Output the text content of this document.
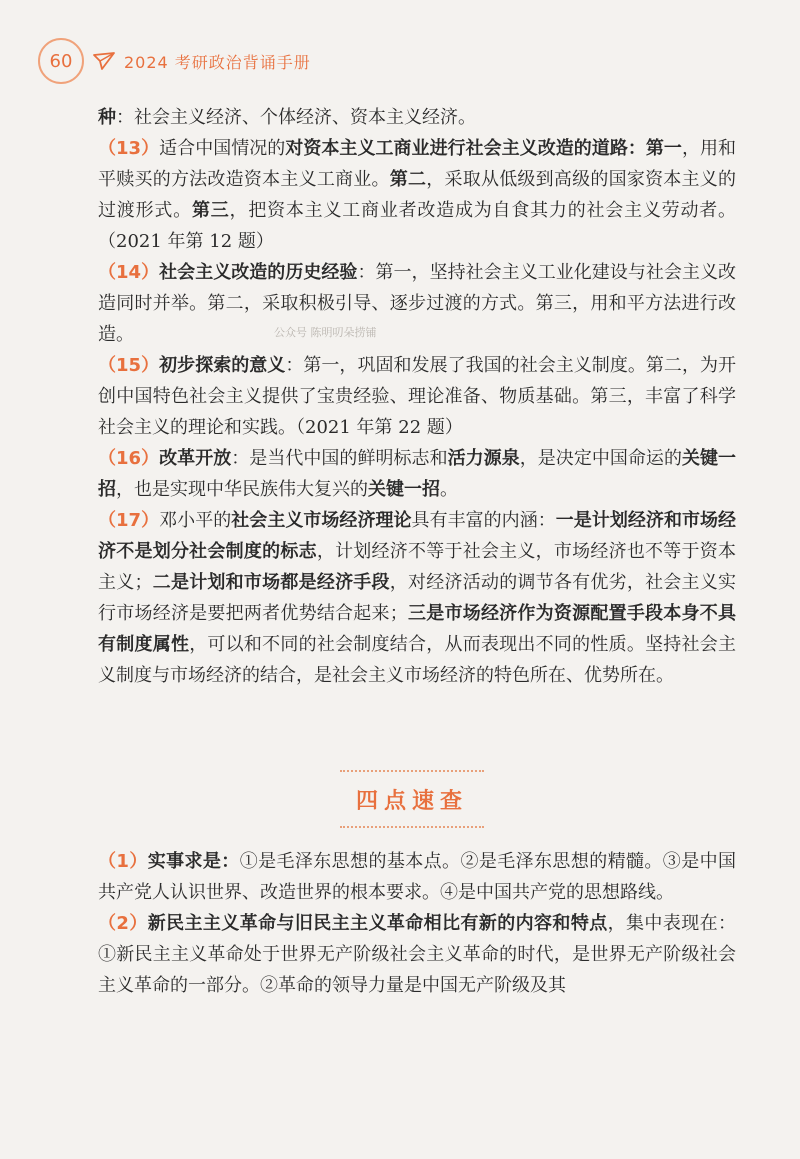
60	2024 考研政治背诵手册

种：社会主义经济、个体经济、资本主义经济。

（13）适合中国情况的对资本主义工商业进行社会主义改造的道路：第一，用和平赎买的方法改造资本主义工商业。第二，采取从低级到高级的国家资本主义的过渡形式。第三，把资本主义工商业者改造成为自食其力的社会主义劳动者。（2021 年第 12 题）

（14）社会主义改造的历史经验：第一，坚持社会主义工业化建设与社会主义改造同时并举。第二，采取积极引导、逐步过渡的方式。第三，用和平方法进行改造。

（15）初步探索的意义：第一，巩固和发展了我国的社会主义制度。第二，为开创中国特色社会主义提供了宝贵经验、理论准备、物质基础。第三，丰富了科学社会主义的理论和实践。（2021 年第 22 题）

（16）改革开放：是当代中国的鲜明标志和活力源泉，是决定中国命运的关键一招，也是实现中华民族伟大复兴的关键一招。

（17）邓小平的社会主义市场经济理论具有丰富的内涵：一是计划经济和市场经济不是划分社会制度的标志，计划经济不等于社会主义，市场经济也不等于资本主义；二是计划和市场都是经济手段，对经济活动的调节各有优劣，社会主义实行市场经济是要把两者优势结合起来；三是市场经济作为资源配置手段本身不具有制度属性，可以和不同的社会制度结合，从而表现出不同的性质。坚持社会主义制度与市场经济的结合，是社会主义市场经济的特色所在、优势所在。

公众号 陈明叨朵捞铺
四点速查

（1）实事求是：①是毛泽东思想的基本点。②是毛泽东思想的精髓。③是中国共产党人认识世界、改造世界的根本要求。④是中国共产党的思想路线。

（2）新民主主义革命与旧民主主义革命相比有新的内容和特点，集中表现在：①新民主主义革命处于世界无产阶级社会主义革命的时代，是世界无产阶级社会主义革命的一部分。②革命的领导力量是中国无产阶级及其
